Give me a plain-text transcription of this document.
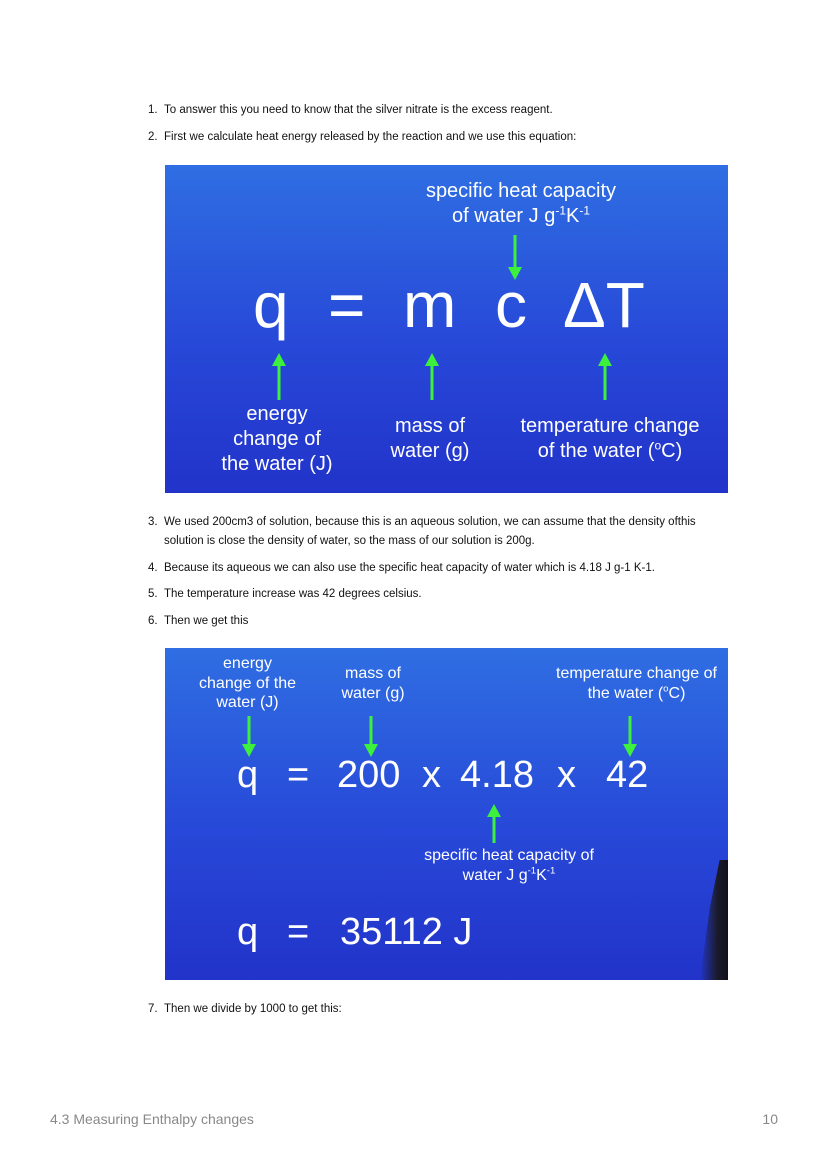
1. To answer this you need to know that the silver nitrate is the excess reagent.
2. First we calculate heat energy released by the reaction and we use this equation:
specific heat capacity
of water J $g^{-1}K^{-1}$
q = m c ΔT
energy
change of
the water (J)
mass of
water (g)
temperature change
of the water ($^o$C)
3. We used 200cm3 of solution, because this is an aqueous solution, we can assume that the density ofthis solution is close the density of water, so the mass of our solution is 200g.
4. Because its aqueous we can also use the specific heat capacity of water which is 4.18 J g-1 K-1.
5. The temperature increase was 42 degrees celsius.
6. Then we get this
energy
change of the
water (J)
mass of
water (g)
temperature change of
the water ($^o$C)
q = 200 x 4.18 x 42
specific heat capacity of
water J $g^{-1}K^{-1}$
q = 35112 J
7. Then we divide by 1000 to get this:
4.3 Measuring Enthalpy changes	10
